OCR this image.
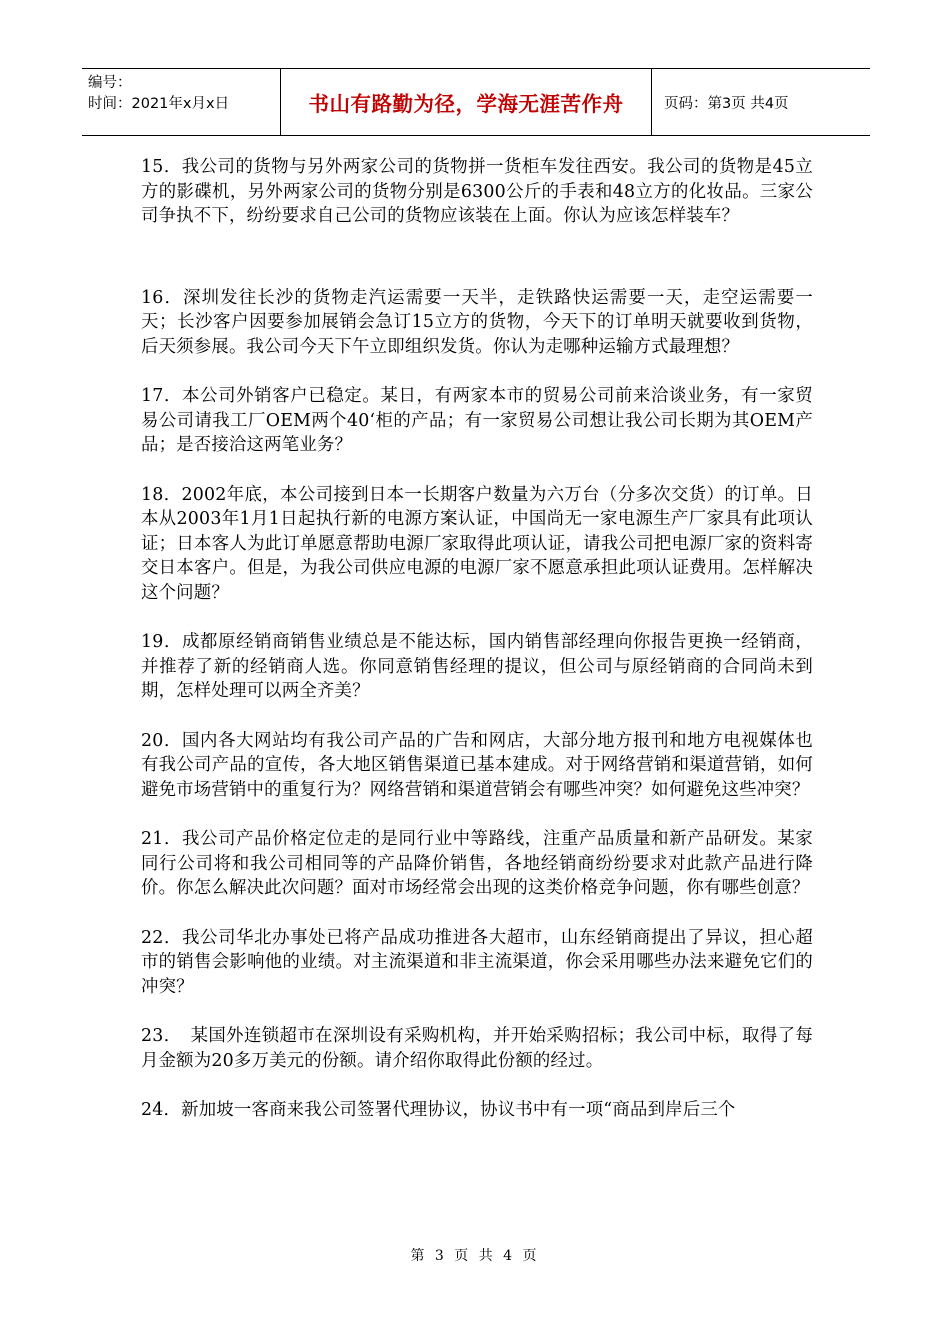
编号：
时间：2021年x月x日	书山有路勤为径，学海无涯苦作舟	页码：第3页 共4页

15．我公司的货物与另外两家公司的货物拼一货柜车发往西安。我公司的货物是45立方的影碟机，另外两家公司的货物分别是6300公斤的手表和48立方的化妆品。三家公司争执不下，纷纷要求自己公司的货物应该装在上面。你认为应该怎样装车？

16．深圳发往长沙的货物走汽运需要一天半，走铁路快运需要一天，走空运需要一天；长沙客户因要参加展销会急订15立方的货物，今天下的订单明天就要收到货物，后天须参展。我公司今天下午立即组织发货。你认为走哪种运输方式最理想？

17．本公司外销客户已稳定。某日，有两家本市的贸易公司前来洽谈业务，有一家贸易公司请我工厂OEM两个40‘柜的产品；有一家贸易公司想让我公司长期为其OEM产品；是否接洽这两笔业务？

18．2002年底，本公司接到日本一长期客户数量为六万台（分多次交货）的订单。日本从2003年1月1日起执行新的电源方案认证，中国尚无一家电源生产厂家具有此项认证；日本客人为此订单愿意帮助电源厂家取得此项认证，请我公司把电源厂家的资料寄交日本客户。但是，为我公司供应电源的电源厂家不愿意承担此项认证费用。怎样解决这个问题？

19．成都原经销商销售业绩总是不能达标，国内销售部经理向你报告更换一经销商，并推荐了新的经销商人选。你同意销售经理的提议，但公司与原经销商的合同尚未到期，怎样处理可以两全齐美？

20．国内各大网站均有我公司产品的广告和网店，大部分地方报刊和地方电视媒体也有我公司产品的宣传，各大地区销售渠道已基本建成。对于网络营销和渠道营销，如何避免市场营销中的重复行为？网络营销和渠道营销会有哪些冲突？如何避免这些冲突？

21．我公司产品价格定位走的是同行业中等路线，注重产品质量和新产品研发。某家同行公司将和我公司相同等的产品降价销售，各地经销商纷纷要求对此款产品进行降价。你怎么解决此次问题？面对市场经常会出现的这类价格竞争问题，你有哪些创意？

22．我公司华北办事处已将产品成功推进各大超市，山东经销商提出了异议，担心超市的销售会影响他的业绩。对主流渠道和非主流渠道，你会采用哪些办法来避免它们的冲突？

23．　某国外连锁超市在深圳设有采购机构，并开始采购招标；我公司中标，取得了每月金额为20多万美元的份额。请介绍你取得此份额的经过。

24．新加坡一客商来我公司签署代理协议，协议书中有一项“商品到岸后三个

第 3 页 共 4 页
